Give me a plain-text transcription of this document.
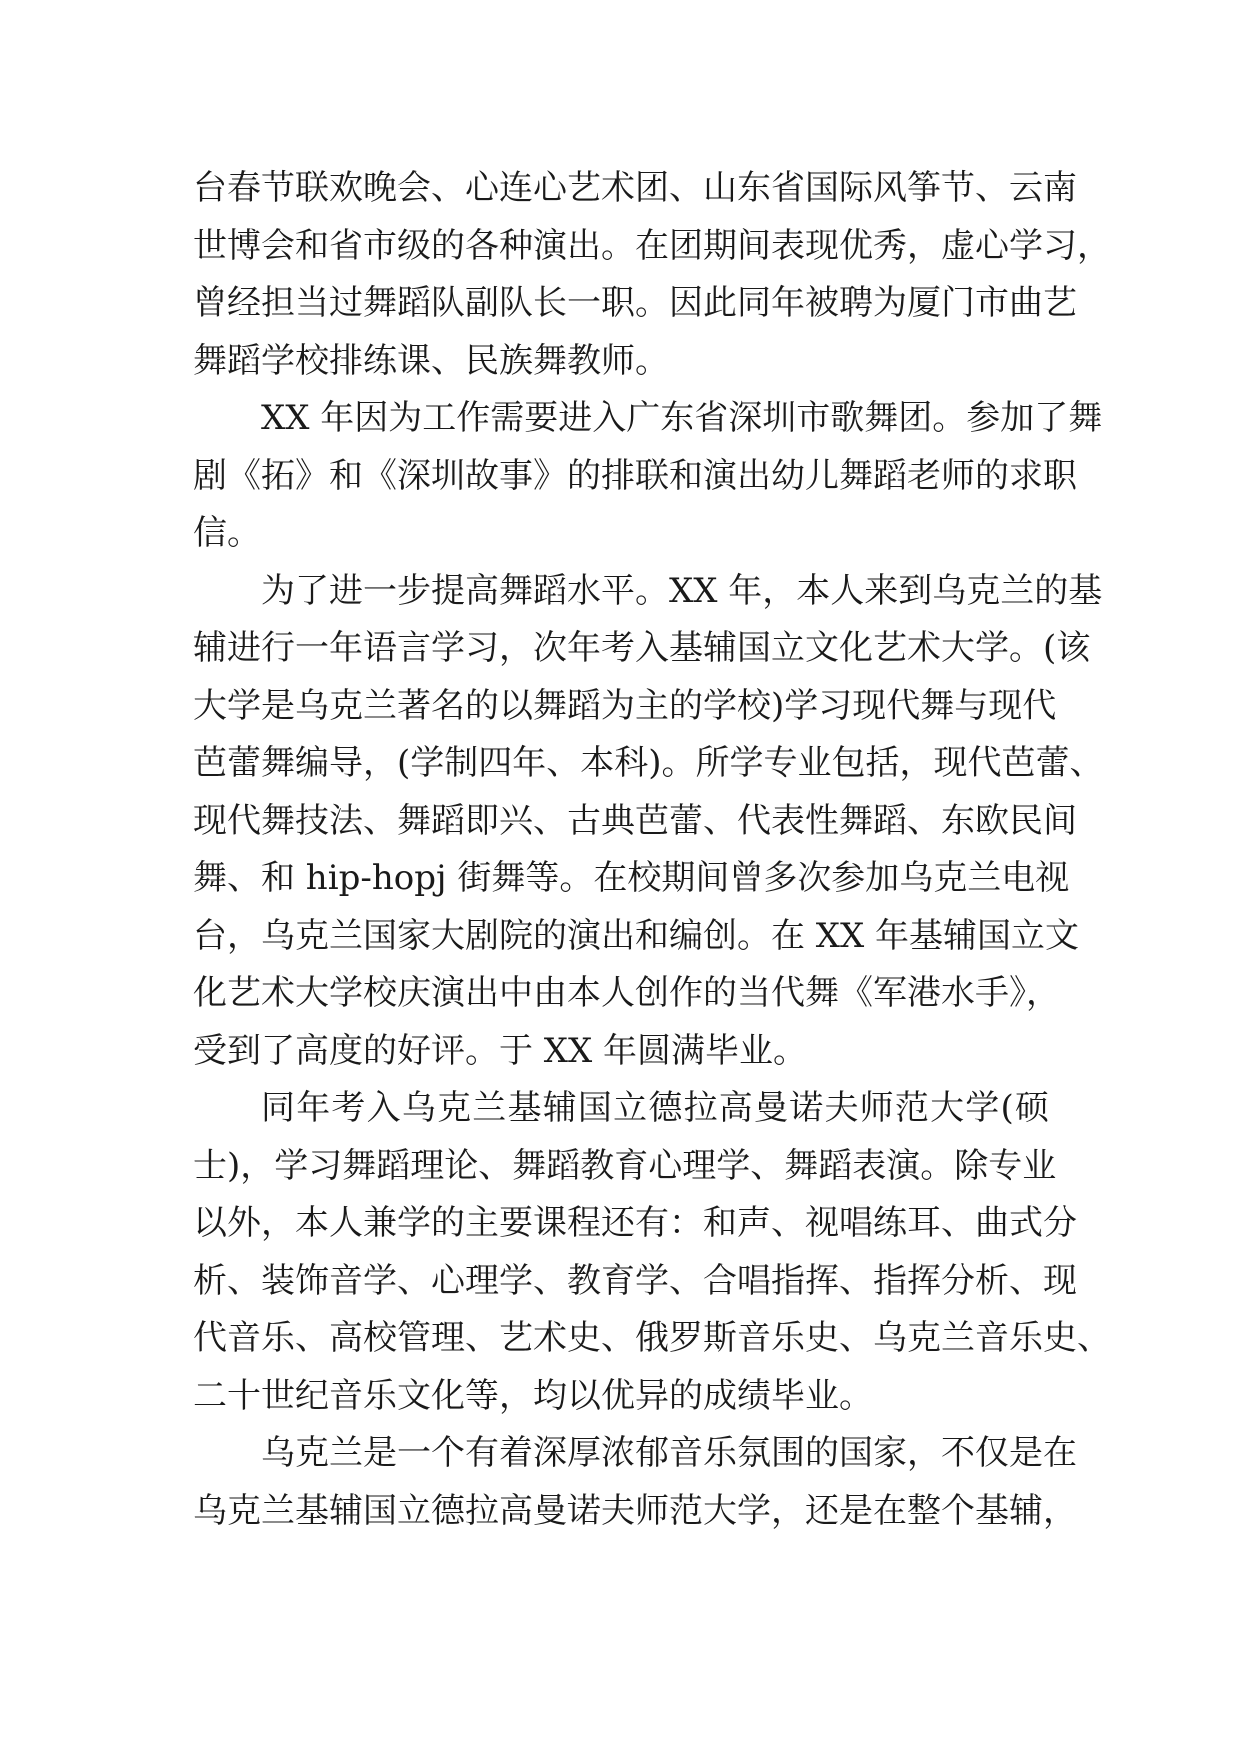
台春节联欢晚会、心连心艺术团、山东省国际风筝节、云南
世博会和省市级的各种演出。在团期间表现优秀，虚心学习，
曾经担当过舞蹈队副队长一职。因此同年被聘为厦门市曲艺
舞蹈学校排练课、民族舞教师。
XX 年因为工作需要进入广东省深圳市歌舞团。参加了舞
剧《拓》和《深圳故事》的排联和演出幼儿舞蹈老师的求职
信。
为了进一步提高舞蹈水平。XX 年，本人来到乌克兰的基
辅进行一年语言学习，次年考入基辅国立文化艺术大学。(该
大学是乌克兰著名的以舞蹈为主的学校)学习现代舞与现代
芭蕾舞编导，(学制四年、本科)。所学专业包括，现代芭蕾、
现代舞技法、舞蹈即兴、古典芭蕾、代表性舞蹈、东欧民间
舞、和 hip-hopj 街舞等。在校期间曾多次参加乌克兰电视
台，乌克兰国家大剧院的演出和编创。在 XX 年基辅国立文
化艺术大学校庆演出中由本人创作的当代舞《军港水手》，
受到了高度的好评。于 XX 年圆满毕业。
同年考入乌克兰基辅国立德拉高曼诺夫师范大学(硕
士)，学习舞蹈理论、舞蹈教育心理学、舞蹈表演。除专业
以外，本人兼学的主要课程还有：和声、视唱练耳、曲式分
析、装饰音学、心理学、教育学、合唱指挥、指挥分析、现
代音乐、高校管理、艺术史、俄罗斯音乐史、乌克兰音乐史、
二十世纪音乐文化等，均以优异的成绩毕业。
乌克兰是一个有着深厚浓郁音乐氛围的国家，不仅是在
乌克兰基辅国立德拉高曼诺夫师范大学，还是在整个基辅，
